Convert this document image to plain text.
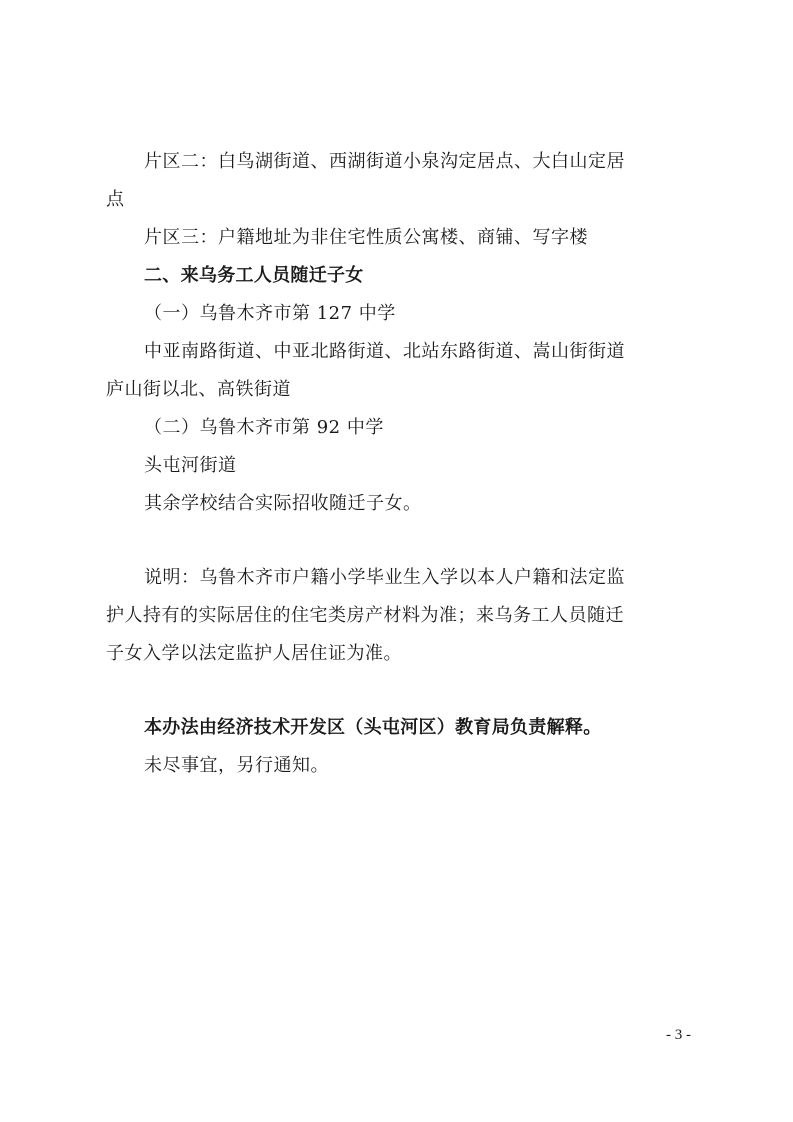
片区二：白鸟湖街道、西湖街道小泉沟定居点、大白山定居
点
片区三：户籍地址为非住宅性质公寓楼、商铺、写字楼
二、来乌务工人员随迁子女
（一）乌鲁木齐市第 127 中学
中亚南路街道、中亚北路街道、北站东路街道、嵩山街街道
庐山街以北、高铁街道
（二）乌鲁木齐市第 92 中学
头屯河街道
其余学校结合实际招收随迁子女。
说明：乌鲁木齐市户籍小学毕业生入学以本人户籍和法定监
护人持有的实际居住的住宅类房产材料为准；来乌务工人员随迁
子女入学以法定监护人居住证为准。
本办法由经济技术开发区（头屯河区）教育局负责解释。
未尽事宜，另行通知。
- 3 -
